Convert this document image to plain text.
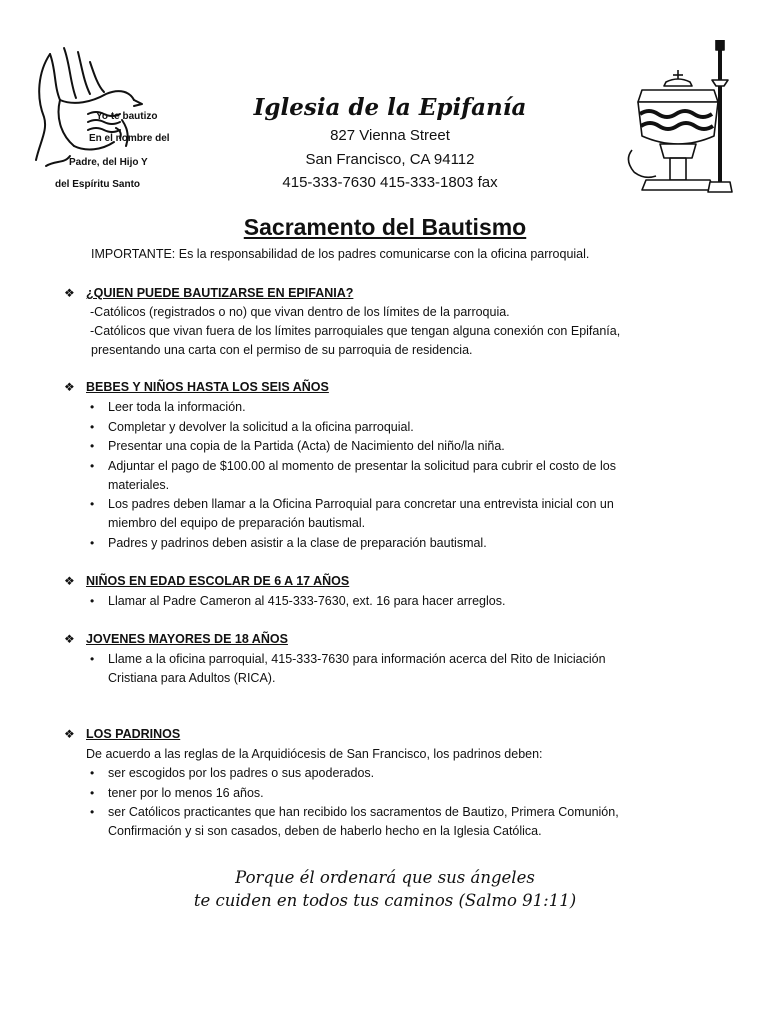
Yo te bautizo
En el nombre del
Padre, del Hijo Y
del Espíritu Santo
Iglesia de la Epifanía
827 Vienna Street
San Francisco, CA 94112
415-333-7630 415-333-1803 fax
Sacramento del Bautismo
IMPORTANTE: Es la responsabilidad de los padres comunicarse con la oficina parroquial.
❖ ¿QUIEN PUEDE BAUTIZARSE EN EPIFANIA?
-Católicos (registrados o no) que vivan dentro de los límites de la parroquia.
-Católicos que vivan fuera de los límites parroquiales que tengan alguna conexión con Epifanía,
presentando una carta con el permiso de su parroquia de residencia.
❖ BEBES Y NIÑOS HASTA LOS SEIS AÑOS
• Leer toda la información.
• Completar y devolver la solicitud a la oficina parroquial.
• Presentar una copia de la Partida (Acta) de Nacimiento del niño/la niña.
• Adjuntar el pago de $100.00 al momento de presentar la solicitud para cubrir el costo de los
materiales.
• Los padres deben llamar a la Oficina Parroquial para concretar una entrevista inicial con un
miembro del equipo de preparación bautismal.
• Padres y padrinos deben asistir a la clase de preparación bautismal.
❖ NIÑOS EN EDAD ESCOLAR DE 6 A 17 AÑOS
• Llamar al Padre Cameron al 415-333-7630, ext. 16 para hacer arreglos.
❖ JOVENES MAYORES DE 18 AÑOS
• Llame a la oficina parroquial, 415-333-7630 para información acerca del Rito de Iniciación
Cristiana para Adultos (RICA).
❖ LOS PADRINOS
De acuerdo a las reglas de la Arquidiócesis de San Francisco, los padrinos deben:
• ser escogidos por los padres o sus apoderados.
• tener por lo menos 16 años.
• ser Católicos practicantes que han recibido los sacramentos de Bautizo, Primera Comunión,
Confirmación y si son casados, deben de haberlo hecho en la Iglesia Católica.
Porque él ordenará que sus ángeles
te cuiden en todos tus caminos (Salmo 91:11)
